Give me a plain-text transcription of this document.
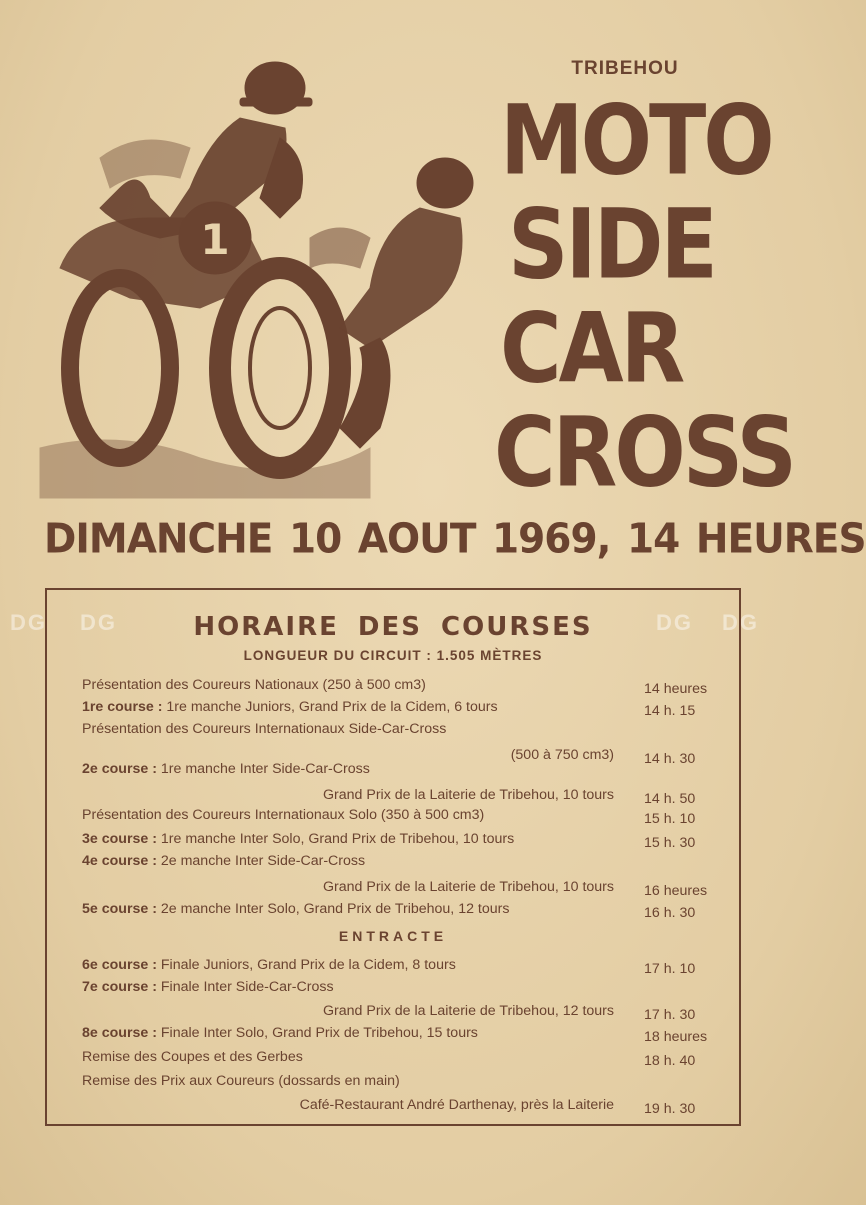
1
TRIBEHOU
MOTO
SIDE
CAR
CROSS
DIMANCHE 10 AOUT 1969, 14 HEURES
DG DG	DG DG
HORAIRE DES COURSES
LONGUEUR DU CIRCUIT : 1.505 MÈTRES
Présentation des Coureurs Nationaux (250 à 500 cm3)	14 heures
1re course : 1re manche Juniors, Grand Prix de la Cidem, 6 tours	14 h. 15
Présentation des Coureurs Internationaux Side-Car-Cross
(500 à 750 cm3) 14 h. 30
2e course : 1re manche Inter Side-Car-Cross
Grand Prix de la Laiterie de Tribehou, 10 tours 14 h. 50
Présentation des Coureurs Internationaux Solo (350 à 500 cm3)	15 h. 10
3e course : 1re manche Inter Solo, Grand Prix de Tribehou, 10 tours	15 h. 30
4e course : 2e manche Inter Side-Car-Cross
Grand Prix de la Laiterie de Tribehou, 10 tours 16 heures
5e course : 2e manche Inter Solo, Grand Prix de Tribehou, 12 tours	16 h. 30
6e course : Finale Juniors, Grand Prix de la Cidem, 8 tours	17 h. 10
7e course : Finale Inter Side-Car-Cross
Grand Prix de la Laiterie de Tribehou, 12 tours 17 h. 30
8e course : Finale Inter Solo, Grand Prix de Tribehou, 15 tours	18 heures
Remise des Coupes et des Gerbes	18 h. 40
Remise des Prix aux Coureurs (dossards en main)
Café-Restaurant André Darthenay, près la Laiterie 19 h. 30
ENTRACTE
